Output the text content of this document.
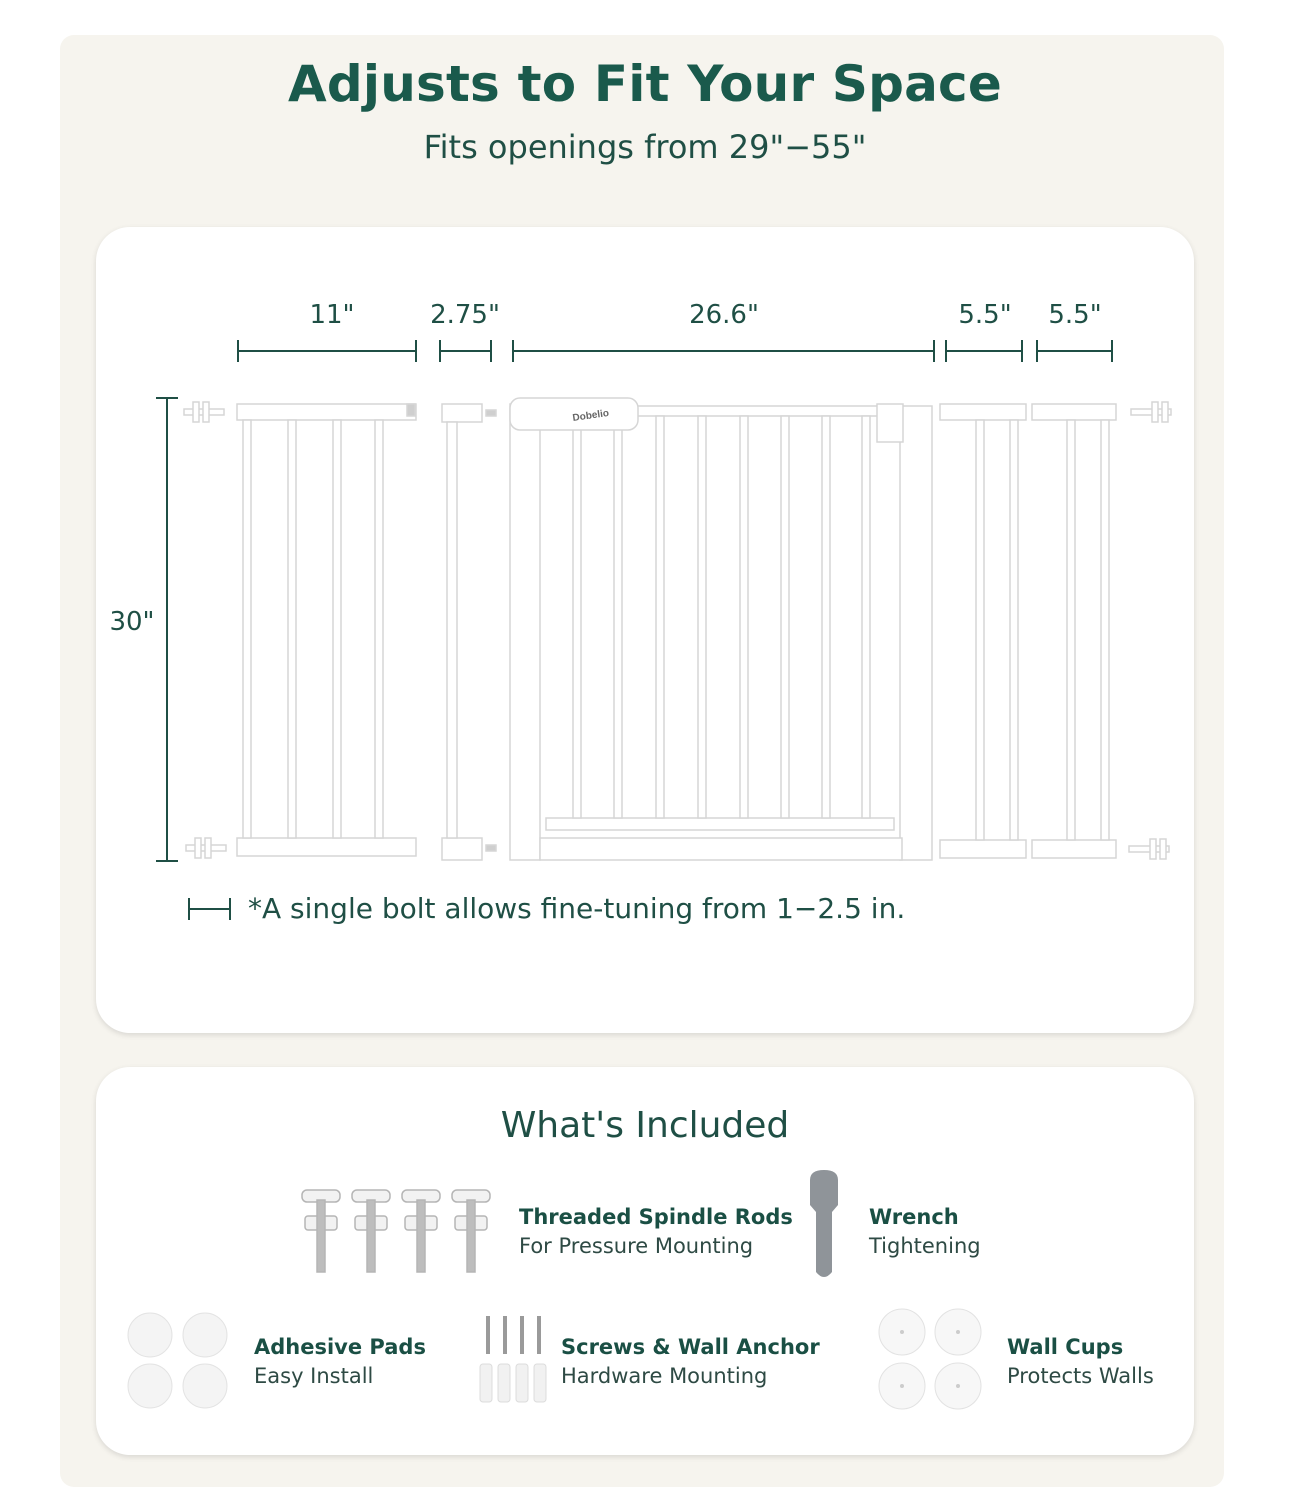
Adjusts to Fit Your Space
Fits openings from 29"−55"
Dobelio
11"	2.75"	26.6"	5.5"	5.5"
30"
*A single bolt allows fine-tuning from 1−2.5 in.
What's Included
Threaded Spindle Rods
For Pressure Mounting
Wrench
Tightening
Adhesive Pads
Easy Install
Screws & Wall Anchor
Hardware Mounting
Wall Cups
Protects Walls
